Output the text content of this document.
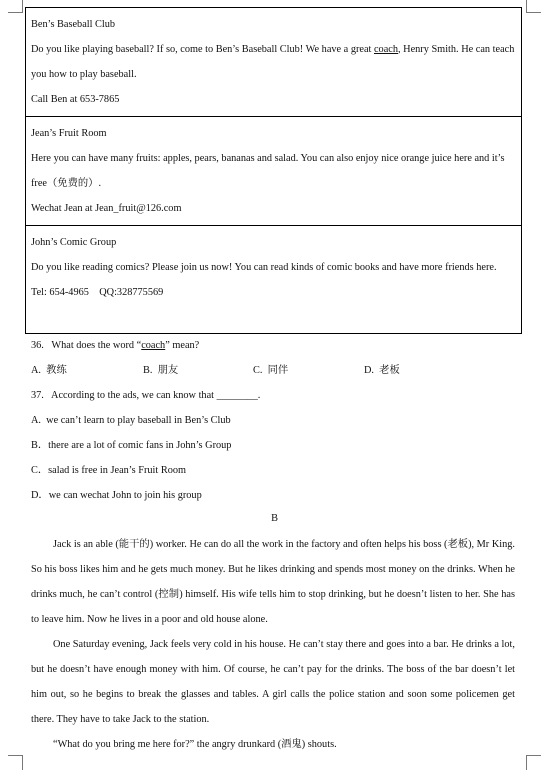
Ben’s Baseball Club
Do you like playing baseball? If so, come to Ben’s Baseball Club! We have a great coach, Henry Smith. He can teach you how to play baseball.
Call Ben at 653-7865
Jean’s Fruit Room
Here you can have many fruits: apples, pears, bananas and salad. You can also enjoy nice orange juice here and it’s free（免费的）.
Wechat Jean at Jean_fruit@126.com
John’s Comic Group
Do you like reading comics? Please join us now! You can read kinds of comic books and have more friends here.
Tel: 654-4965    QQ:328775569
36.   What does the word “coach” mean?
A.  教练	B.  朋友	C.  同伴	D.  老板
37.   According to the ads, we can know that ________.
A.  we can’t learn to play baseball in Ben’s Club
B．there are a lot of comic fans in John’s Group
C．salad is free in Jean’s Fruit Room
D．we can wechat John to join his group
B
Jack is an able (能干的) worker. He can do all the work in the factory and often helps his boss (老板), Mr King. So his boss likes him and he gets much money. But he likes drinking and spends most money on the drinks. When he drinks much, he can’t control (控制) himself. His wife tells him to stop drinking, but he doesn’t listen to her. She has to leave him. Now he lives in a poor and old house alone.
One Saturday evening, Jack feels very cold in his house. He can’t stay there and goes into a bar. He drinks a lot, but he doesn’t have enough money with him. Of course, he can’t pay for the drinks. The boss of the bar doesn’t let him out, so he begins to break the glasses and tables. A girl calls the police station and soon some policemen get there. They have to take Jack to the station.
“What do you bring me here for?” the angry drunkard (酒鬼) shouts.
